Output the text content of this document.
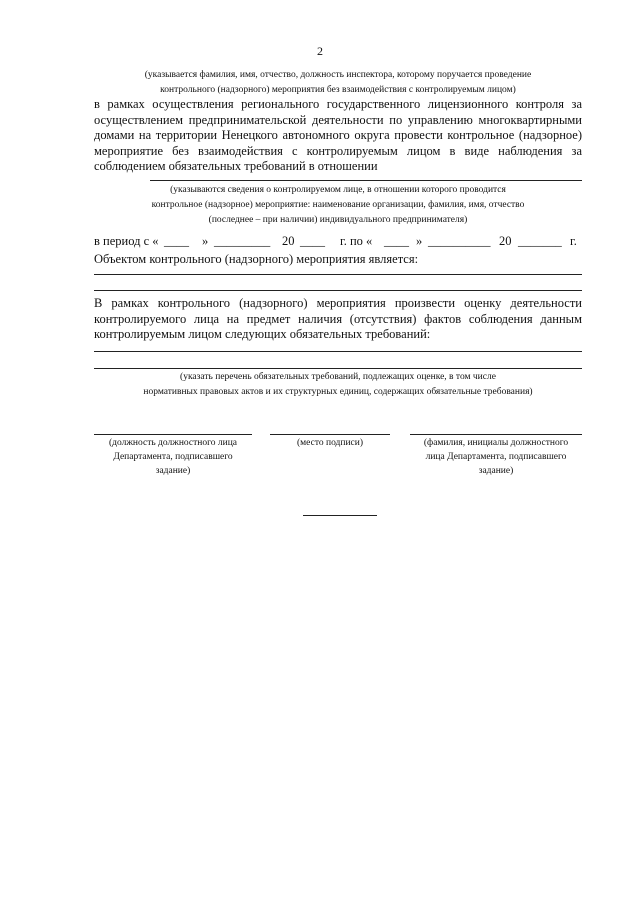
2
(указывается фамилия, имя, отчество, должность инспектора, которому поручается проведение
контрольного (надзорного) мероприятия без взаимодействия с контролируемым лицом)
в рамках осуществления регионального государственного лицензионного контроля за осуществлением предпринимательской деятельности по управлению многоквартирными домами на территории Ненецкого автономного округа провести контрольное (надзорное) мероприятие без взаимодействия с контролируемым лицом в виде наблюдения за соблюдением обязательных требований в отношении
(указываются сведения о контролируемом лице, в отношении которого проводится
контрольное (надзорное) мероприятие: наименование организации, фамилия, имя, отчество
(последнее – при наличии) индивидуального предпринимателя)
в период с « ____ » _________ 20 ____ г. по « ____ » __________ 20 _______ г.
Объектом контрольного (надзорного) мероприятия является:
В рамках контрольного (надзорного) мероприятия произвести оценку деятельности контролируемого лица на предмет наличия (отсутствия) фактов соблюдения данным контролируемым лицом следующих обязательных требований:
(указать перечень обязательных требований, подлежащих оценке, в том числе
нормативных правовых актов и их структурных единиц, содержащих обязательные требования)
(должность должностного лица
Департамента, подписавшего
задание)
(место подписи)	(фамилия, инициалы должностного
лица Департамента, подписавшего
задание)
